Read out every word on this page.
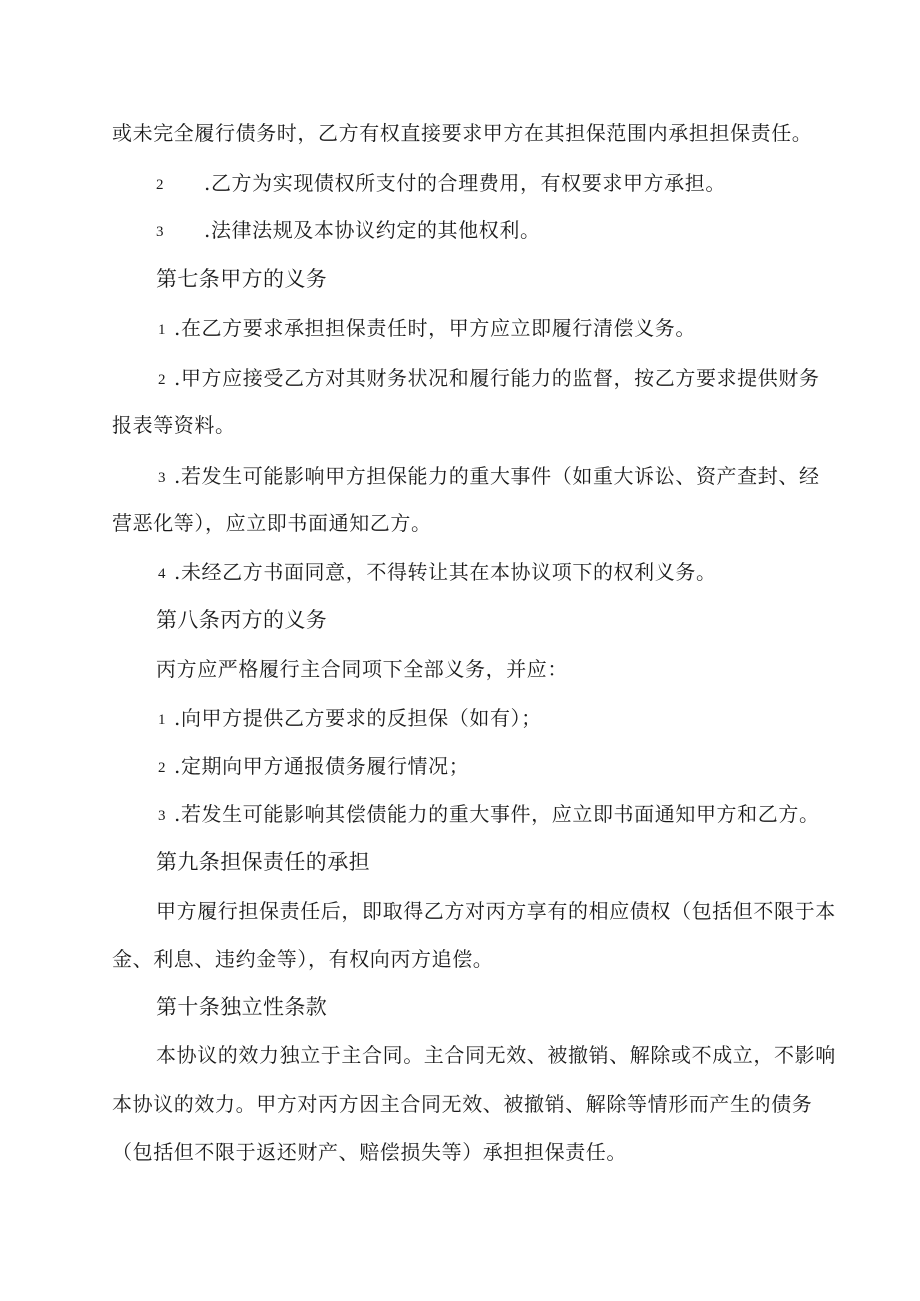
或未完全履行债务时，乙方有权直接要求甲方在其担保范围内承担担保责任。
2 .乙方为实现债权所支付的合理费用，有权要求甲方承担。
3 .法律法规及本协议约定的其他权利。
第七条甲方的义务
1 .在乙方要求承担担保责任时，甲方应立即履行清偿义务。
2 .甲方应接受乙方对其财务状况和履行能力的监督，按乙方要求提供财务
报表等资料。
3 .若发生可能影响甲方担保能力的重大事件（如重大诉讼、资产查封、经
营恶化等），应立即书面通知乙方。
4 .未经乙方书面同意，不得转让其在本协议项下的权利义务。
第八条丙方的义务
丙方应严格履行主合同项下全部义务，并应：
1 .向甲方提供乙方要求的反担保（如有）；
2 .定期向甲方通报债务履行情况；
3 .若发生可能影响其偿债能力的重大事件，应立即书面通知甲方和乙方。
第九条担保责任的承担
甲方履行担保责任后，即取得乙方对丙方享有的相应债权（包括但不限于本
金、利息、违约金等），有权向丙方追偿。
第十条独立性条款
本协议的效力独立于主合同。主合同无效、被撤销、解除或不成立，不影响
本协议的效力。甲方对丙方因主合同无效、被撤销、解除等情形而产生的债务
（包括但不限于返还财产、赔偿损失等）承担担保责任。
